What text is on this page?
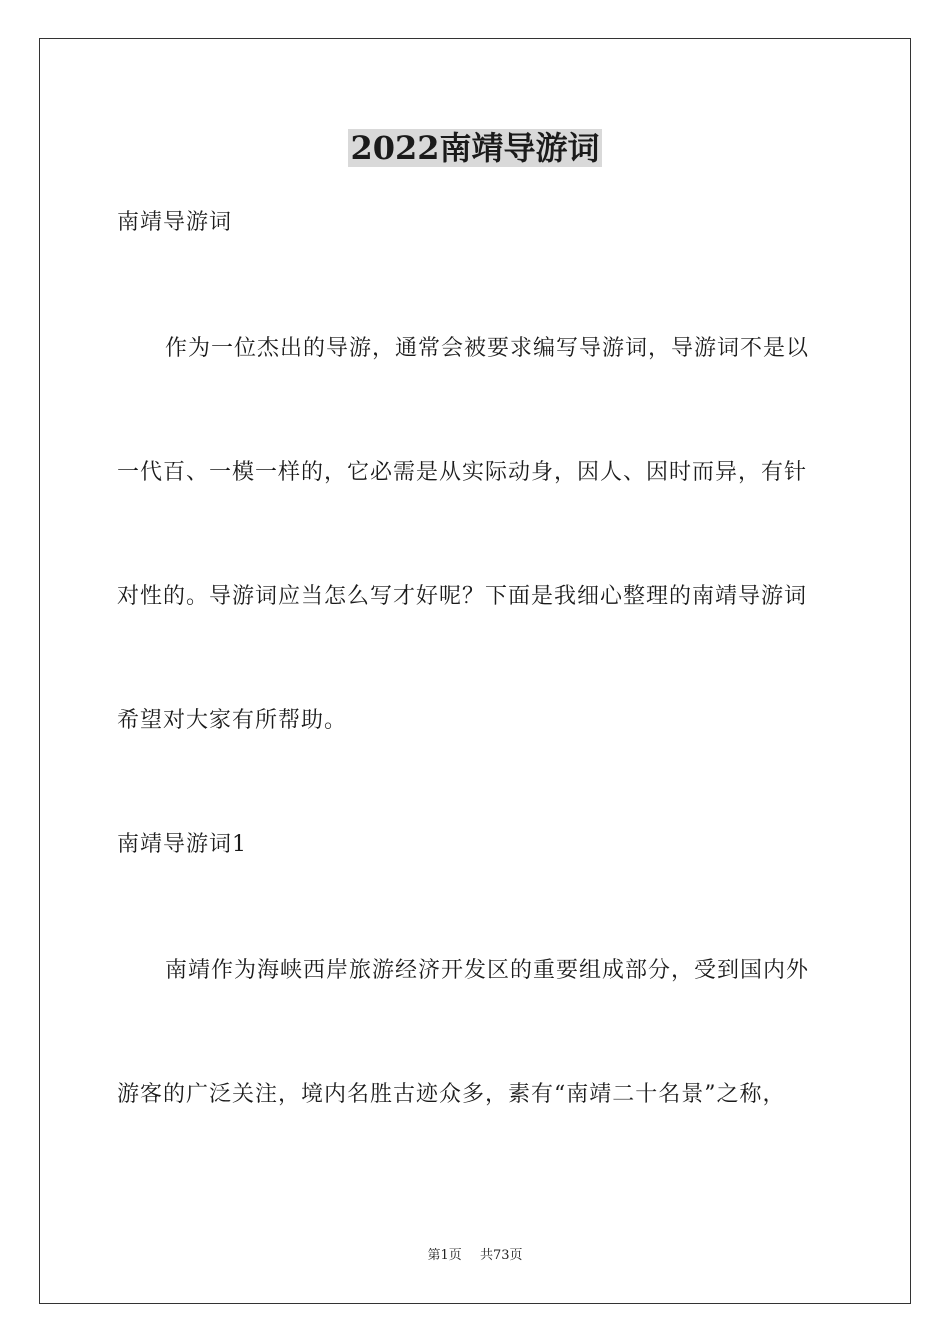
2022南靖导游词
南靖导游词
作为一位杰出的导游，通常会被要求编写导游词，导游词不是以
一代百、一模一样的，它必需是从实际动身，因人、因时而异，有针
对性的。导游词应当怎么写才好呢？下面是我细心整理的南靖导游词
希望对大家有所帮助。
南靖导游词1
南靖作为海峡西岸旅游经济开发区的重要组成部分，受到国内外
游客的广泛关注，境内名胜古迹众多，素有“南靖二十名景”之称，
第1页 共73页
